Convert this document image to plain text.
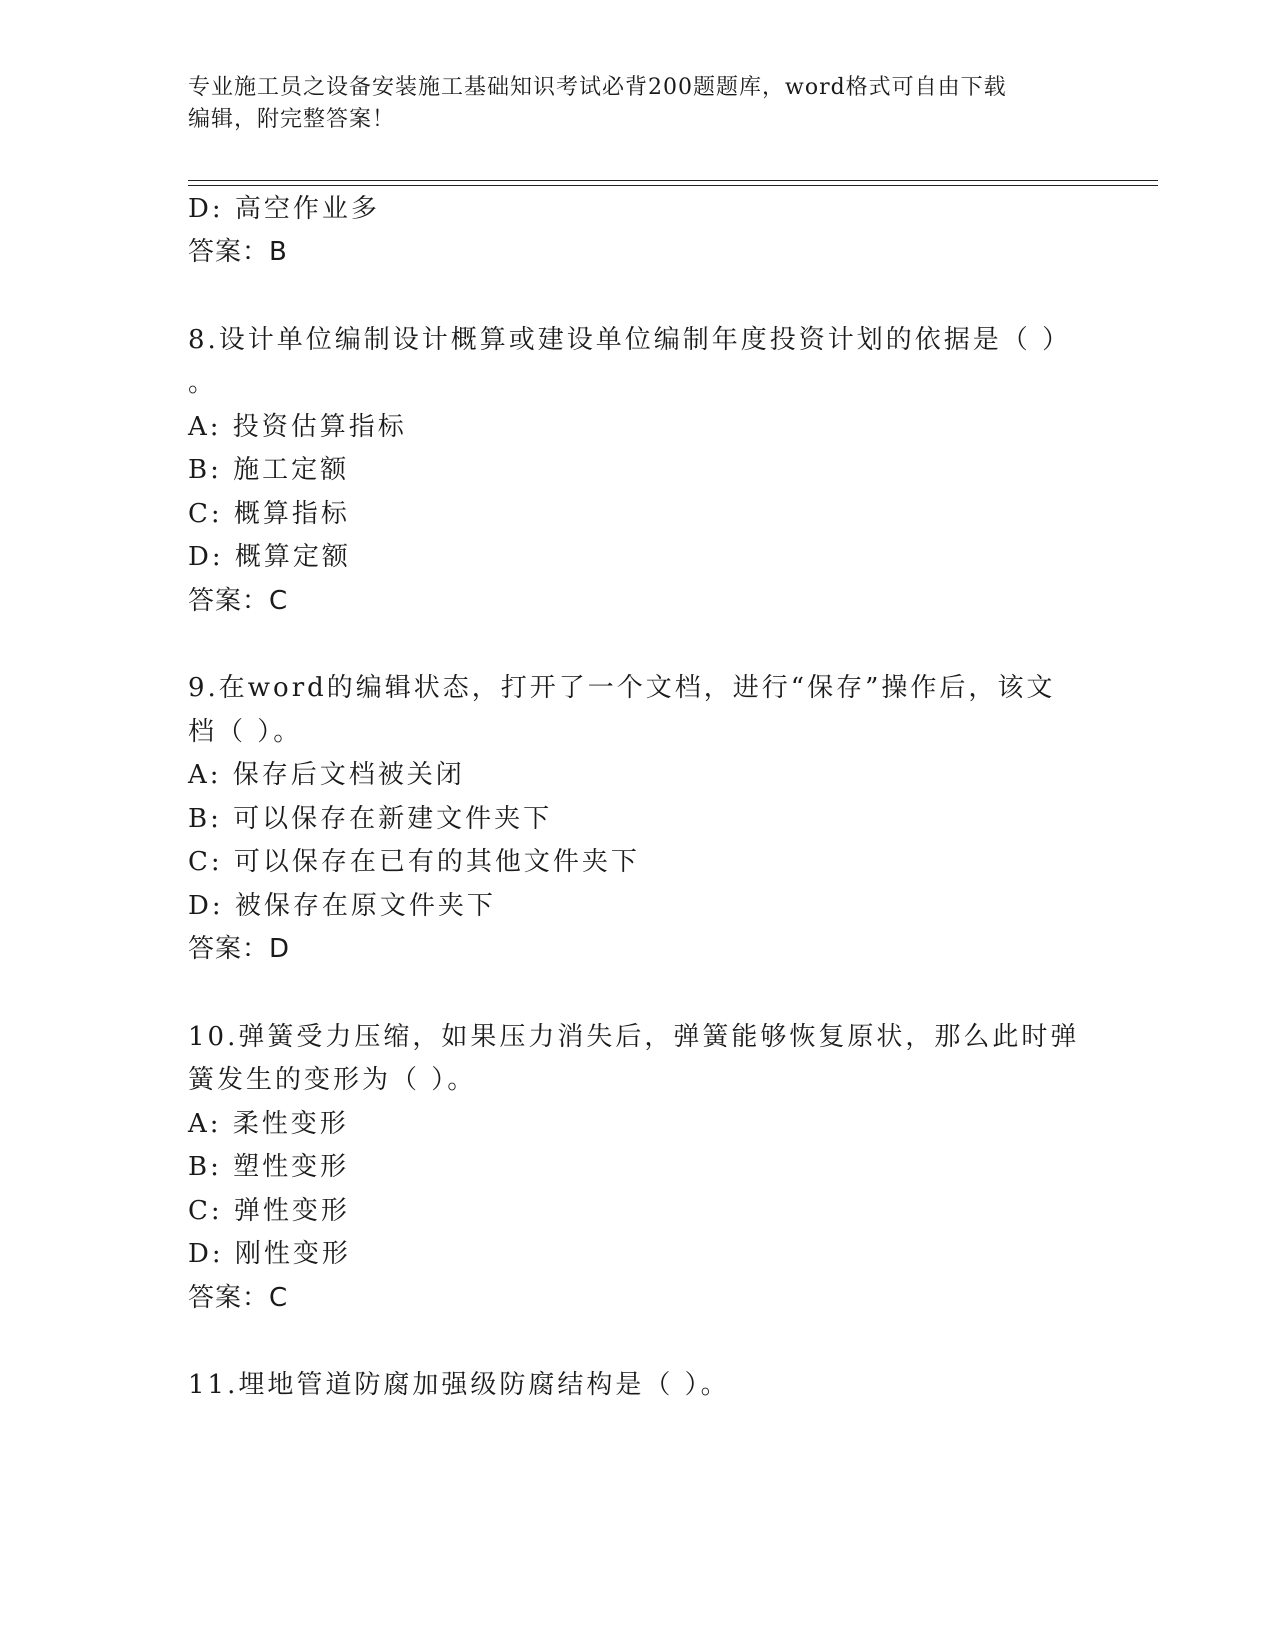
专业施工员之设备安装施工基础知识考试必背200题题库，word格式可自由下载
编辑，附完整答案！
D: 高空作业多
答案：B
8.设计单位编制设计概算或建设单位编制年度投资计划的依据是（ ）
。
A: 投资估算指标
B: 施工定额
C: 概算指标
D: 概算定额
答案：C
9.在word的编辑状态，打开了一个文档，进行“保存”操作后，该文
档（ ）。
A: 保存后文档被关闭
B: 可以保存在新建文件夹下
C: 可以保存在已有的其他文件夹下
D: 被保存在原文件夹下
答案：D
10.弹簧受力压缩，如果压力消失后，弹簧能够恢复原状，那么此时弹
簧发生的变形为（ ）。
A: 柔性变形
B: 塑性变形
C: 弹性变形
D: 刚性变形
答案：C
11.埋地管道防腐加强级防腐结构是（ ）。
